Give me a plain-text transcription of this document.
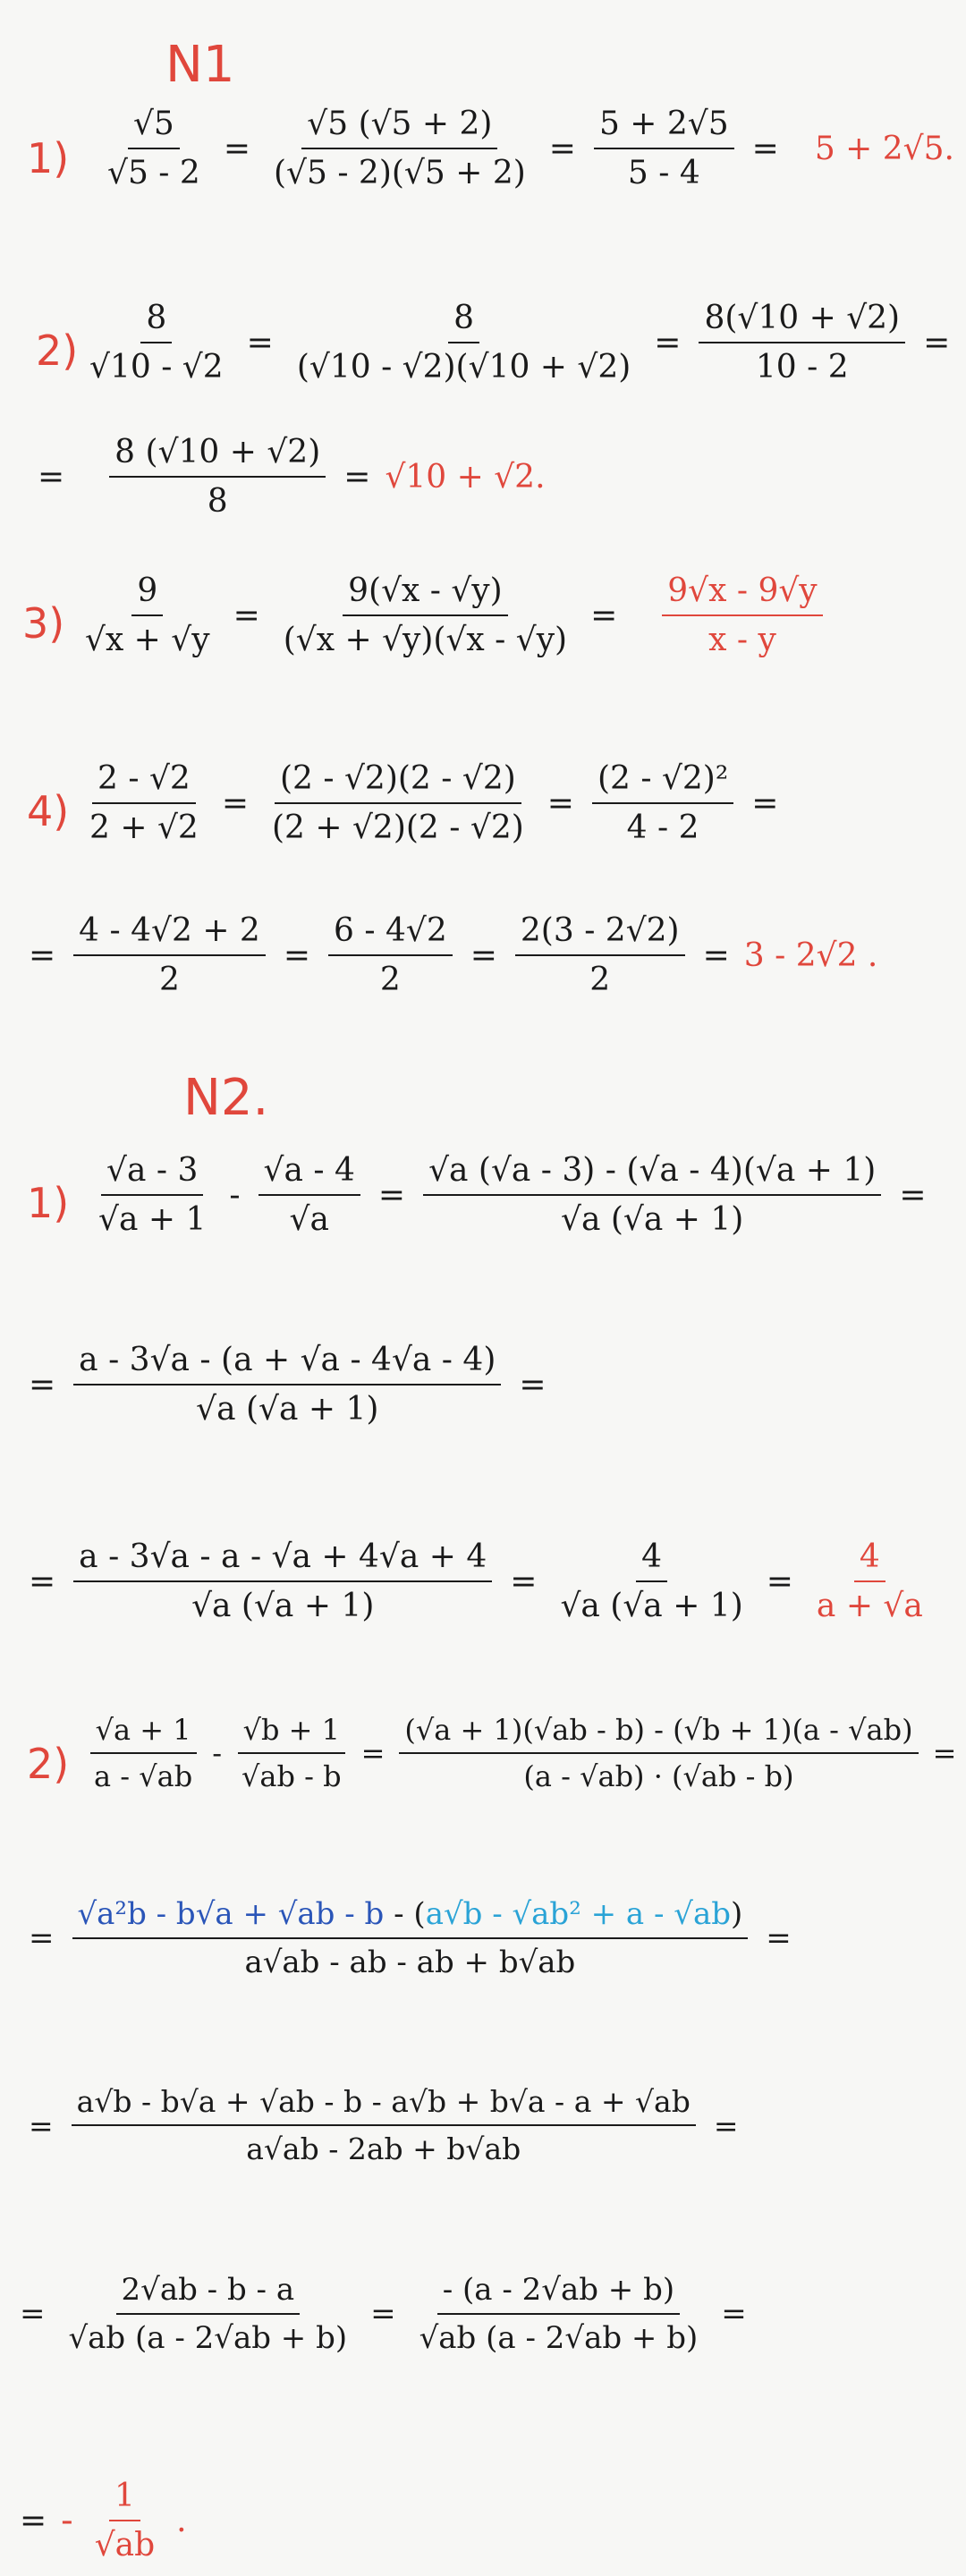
N1
$1) \frac{√5}{√5 - 2} = \frac{√5 (√5 + 2)}{(√5 - 2)(√5 + 2)} = \frac{5 + 2√5}{5 - 4}$ =	5 + 2√5.
$2) \frac{8}{√10 - √2} = \frac{8}{(√10 - √2)(√10 + √2)} = \frac{8(√10 + √2)}{10 - 2}$ =
= $\frac{8 (√10 + √2)}{8} = √10 + √2$.
$3) \frac{9}{√x + √y} = \frac{9(√x - √y)}{(√x + √y)(√x - √y)} = \frac{9√x - 9√y}{x - y}$
$4) \frac{2 - √2}{2 + √2} = \frac{(2 - √2)(2 - √2)}{(2 + √2)(2 - √2)} = \frac{\text{(2 - √2)²}}{4 - 2}$ =
= $\frac{4 - 4√2 + 2}{2} = \frac{6 - 4√2}{2} = \frac{2(3 - 2√2)}{2} = 3 - 2√2$ .
N2.
$1) \frac{√a - 3}{√a + 1} - \frac{√a - 4}{√a} = \frac{√a (√a - 3) - (√a - 4)(√a + 1)}{√a (√a + 1)}$ =
= $\frac{a - 3√a - (a + √a - 4√a - 4)}{√a (√a + 1)}$ =
= $\frac{a - 3√a - a - √a + 4√a + 4}{√a (√a + 1)} = \frac{4}{√a (√a + 1)} = \frac{4}{a + √a}$
$2) \frac{√a + 1}{a - √ab} - \frac{√b + 1}{√ab - b} = \frac{(√a + 1)(√ab - b) - (√b + 1)(a - √ab)}{(a - √ab) \cdot (√ab - b)}$ =
= $\frac{\text{√a²b - b√a + √ab - b - (a√b - √ab² + a - √ab)}}{a√ab - ab - ab + b√ab}$ =
= $\frac{a√b - b√a + √ab - b - a√b + b√a - a + √ab}{a√ab - 2ab + b√ab}$ =
= $\frac{2√ab - b - a}{√ab (a - 2√ab + b)} = \frac{- (a - 2√ab + b)}{√ab (a - 2√ab + b)}$ =
= - $\frac{1}{√ab}$ .
